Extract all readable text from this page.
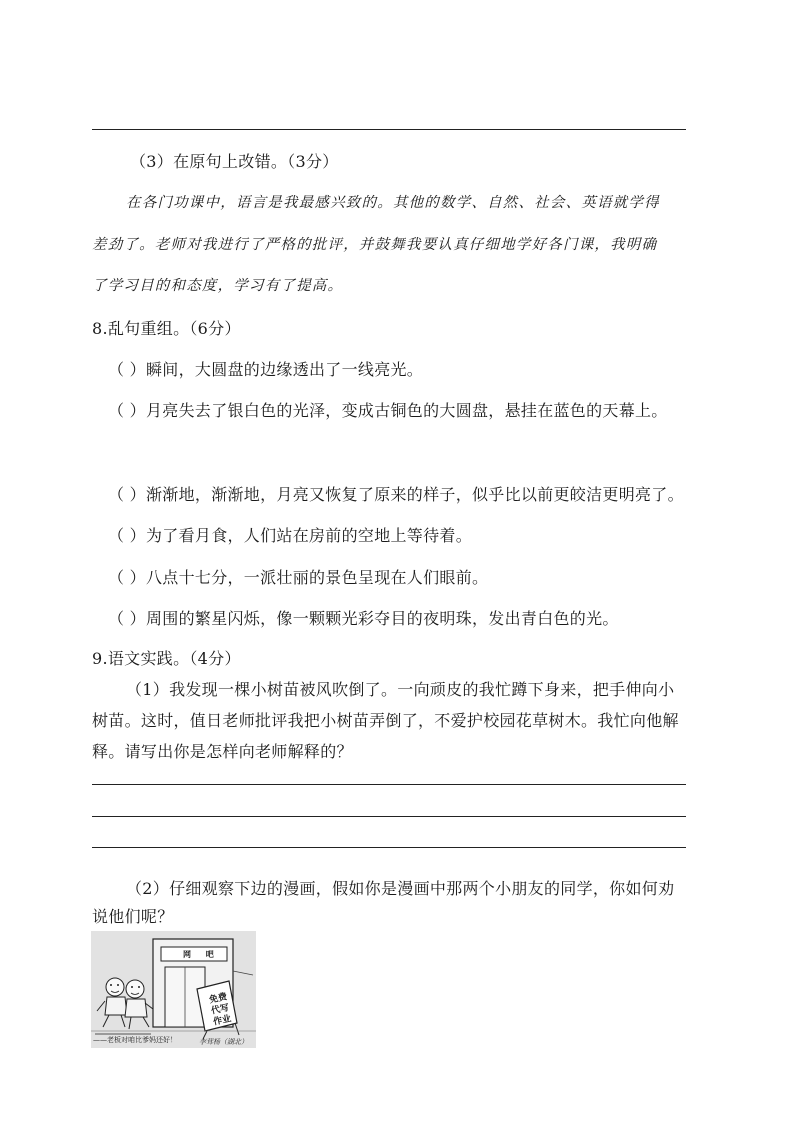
（3）在原句上改错。（3分）
在各门功课中，语言是我最感兴致的。其他的数学、自然、社会、英语就学得
差劲了。老师对我进行了严格的批评，并鼓舞我要认真仔细地学好各门课，我明确
了学习目的和态度，学习有了提高。
8.乱句重组。（6分）
（ ）瞬间，大圆盘的边缘透出了一线亮光。
（ ）月亮失去了银白色的光泽，变成古铜色的大圆盘，悬挂在蓝色的天幕上。
（ ）渐渐地，渐渐地，月亮又恢复了原来的样子，似乎比以前更皎洁更明亮了。
（ ）为了看月食，人们站在房前的空地上等待着。
（ ）八点十七分，一派壮丽的景色呈现在人们眼前。
（ ）周围的繁星闪烁，像一颗颗光彩夺目的夜明珠，发出青白色的光。
9.语文实践。（4分）
（1）我发现一棵小树苗被风吹倒了。一向顽皮的我忙蹲下身来，把手伸向小
树苗。这时，值日老师批评我把小树苗弄倒了，不爱护校园花草树木。我忙向他解
释。请写出你是怎样向老师解释的？
（2）仔细观察下边的漫画，假如你是漫画中那两个小朋友的同学，你如何劝
说他们呢？
网 吧
免费
代写
作业
——老板对咱比爹妈还好！	李茸杨（湖北）
